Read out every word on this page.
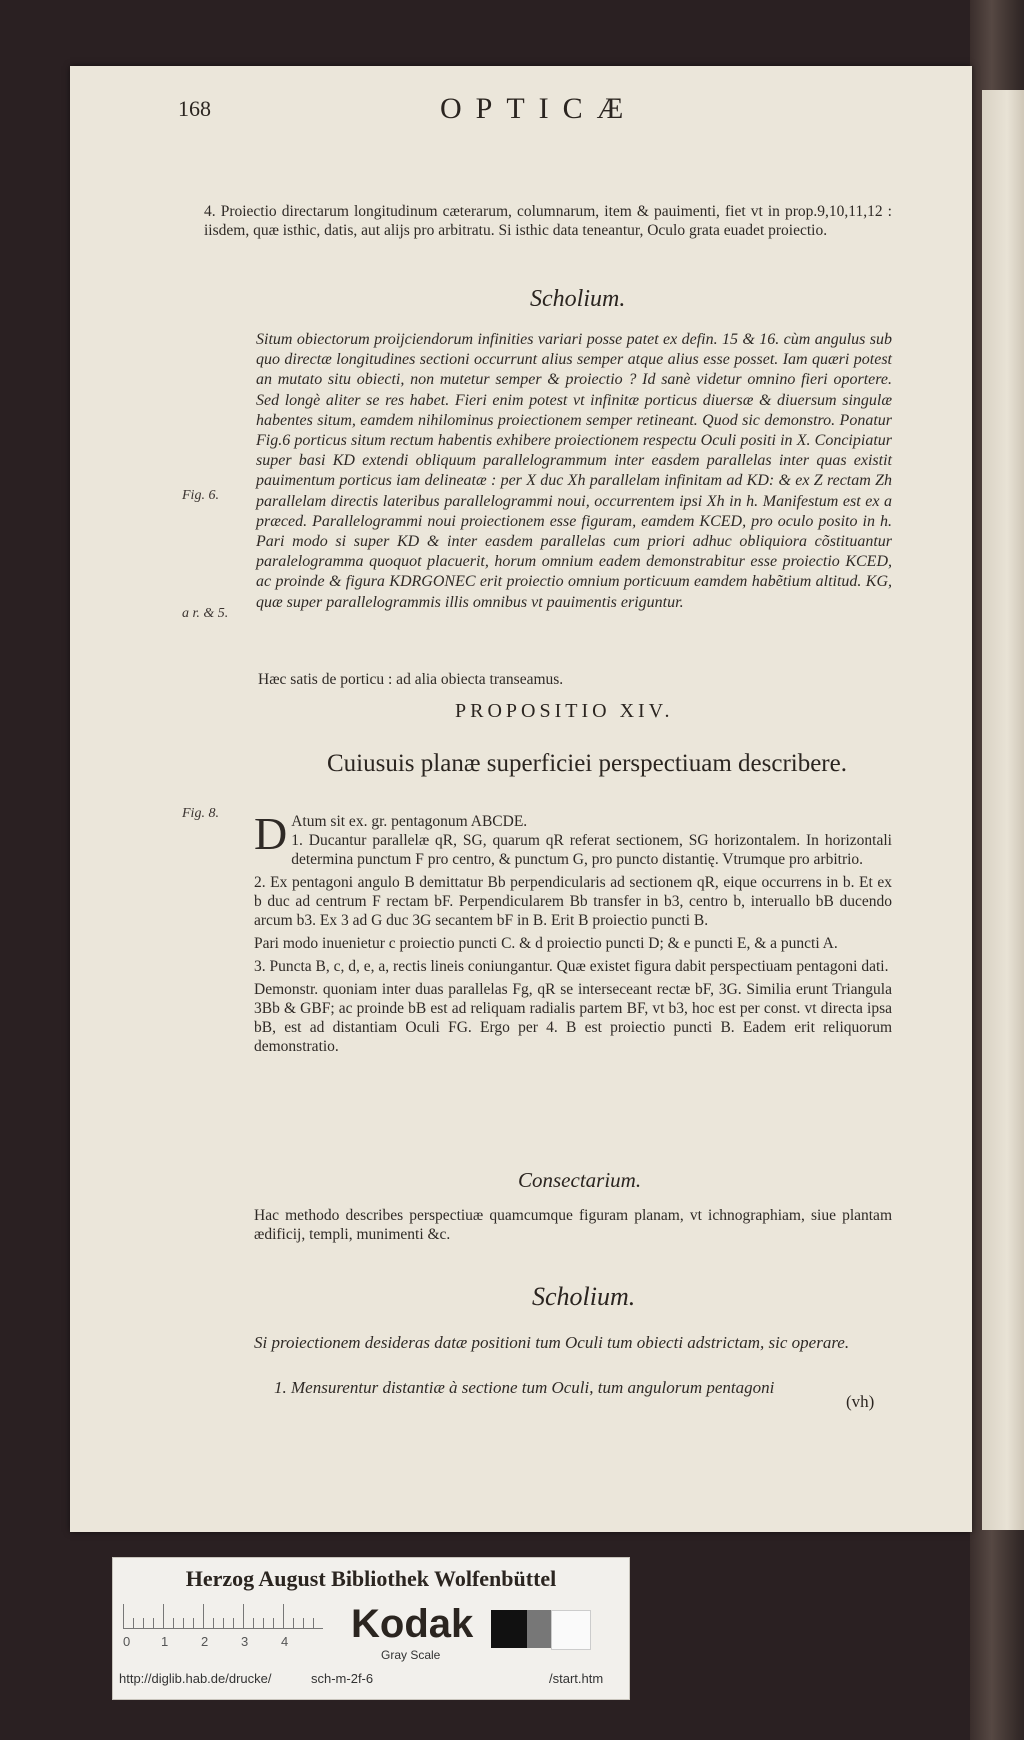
168	OPTICÆ

4. Proiectio directarum longitudinum cæterarum, columnarum, item & pauimenti, fiet vt in prop.9,10,11,12 : iisdem, quæ isthic, datis, aut alijs pro arbitratu. Si isthic data teneantur, Oculo grata euadet proiectio.

Scholium.

Situm obiectorum proijciendorum infinities variari posse patet ex defin. 15 & 16. cùm angulus sub quo directæ longitudines sectioni occurrunt alius semper atque alius esse posset. Iam quæri potest an mutato situ obiecti, non mutetur semper & proiectio ? Id sanè videtur omnino fieri oportere. Sed longè aliter se res habet. Fieri enim potest vt infinitæ porticus diuersæ & diuersum singulæ habentes situm, eamdem nihilominus proiectionem semper retineant. Quod sic demonstro. Ponatur Fig.6 porticus situm rectum habentis exhibere proiectionem respectu Oculi positi in X. Concipiatur super basi KD extendi obliquum parallelogrammum inter easdem parallelas inter quas existit pauimentum porticus iam delineatæ : per X duc Xh parallelam infinitam ad KD: & ex Z rectam Zh parallelam directis lateribus parallelogrammi noui, occurrentem ipsi Xh in h. Manifestum est ex a præced. Parallelogrammi noui proiectionem esse figuram, eamdem KCED, pro oculo posito in h. Pari modo si super KD & inter easdem parallelas cum priori adhuc obliquiora cõstituantur paralelogramma quoquot placuerit, horum omnium eadem demonstrabitur esse proiectio KCED, ac proinde & figura KDRGONEC erit proiectio omnium porticuum eamdem habẽtium altitud. KG, quæ super parallelogrammis illis omnibus vt pauimentis eriguntur.

Fig. 6.
a r. & 5.

Hæc satis de porticu : ad alia obiecta transeamus.

PROPOSITIO XIV.
Cuiusuis planæ superficiei perspectiuam describere.
Fig. 8. D Atum sit ex. gr. pentagonum ABCDE.
1. Ducantur parallelæ qR, SG, quarum qR referat sectionem, SG horizontalem. In horizontali determina punctum F pro centro, & punctum G, pro puncto distantię. Vtrumque pro arbitrio.
2. Ex pentagoni angulo B demittatur Bb perpendicularis ad sectionem qR, eique occurrens in b. Et ex b duc ad centrum F rectam bF. Perpendicularem Bb transfer in b3, centro b, interuallo bB ducendo arcum b3. Ex 3 ad G duc 3G secantem bF in B. Erit B proiectio puncti B.
Pari modo inuenietur c proiectio puncti C. & d proiectio puncti D; & e puncti E, & a puncti A.
3. Puncta B, c, d, e, a, rectis lineis coniungantur. Quæ existet figura dabit perspectiuam pentagoni dati.
Demonstr. quoniam inter duas parallelas Fg, qR se interseceant rectæ bF, 3G. Similia erunt Triangula 3Bb & GBF; ac proinde bB est ad reliquam radialis partem BF, vt b3, hoc est per const. vt directa ipsa bB, est ad distantiam Oculi FG. Ergo per 4. B est proiectio puncti B. Eadem erit reliquorum demonstratio.
Consectarium.

Hac methodo describes perspectiuæ quamcumque figuram planam, vt ichnographiam, siue plantam ædificij, templi, munimenti &c.

Scholium.

Si proiectionem desideras datæ positioni tum Oculi tum obiecti adstrictam, sic operare.

1. Mensurentur distantiæ à sectione tum Oculi, tum angulorum pentagoni

(vh)
Herzog August Bibliothek Wolfenbüttel
0 1	2	3	4 Kodak
Gray Scale
http://diglib.hab.de/drucke/	sch-m-2f-6	/start.htm
